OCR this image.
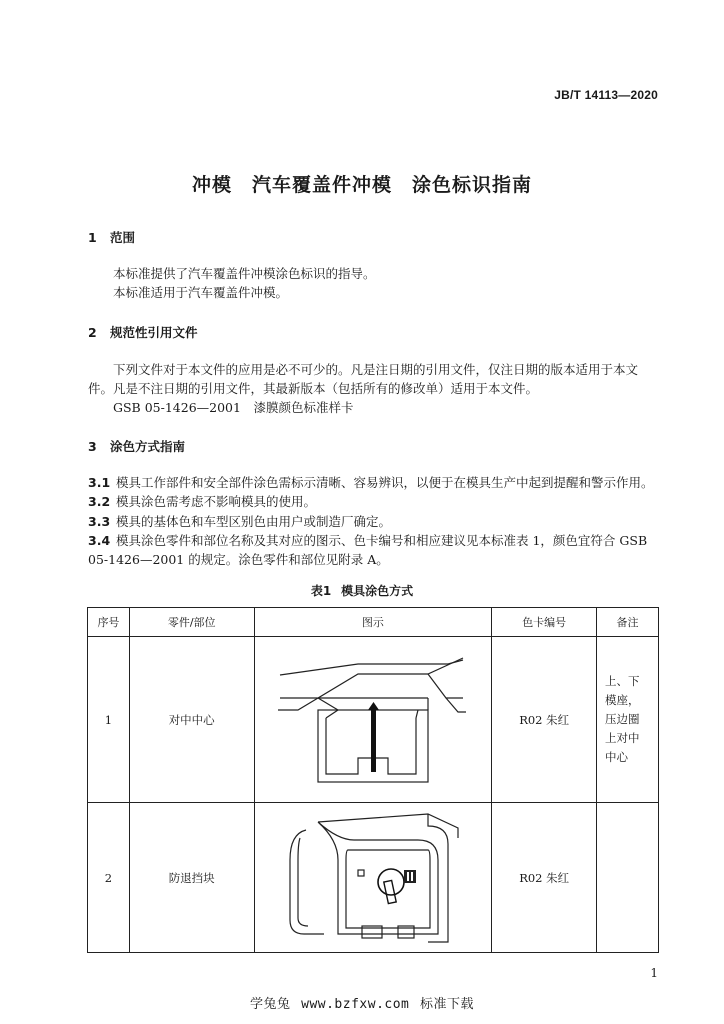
JB/T 14113—2020
冲模 汽车覆盖件冲模 涂色标识指南
1 范围
本标准提供了汽车覆盖件冲模涂色标识的指导。
本标准适用于汽车覆盖件冲模。
2 规范性引用文件
下列文件对于本文件的应用是必不可少的。凡是注日期的引用文件，仅注日期的版本适用于本文件。凡是不注日期的引用文件，其最新版本（包括所有的修改单）适用于本文件。
GSB 05-1426—2001　漆膜颜色标准样卡
3 涂色方式指南
3.1 模具工作部件和安全部件涂色需标示清晰、容易辨识，以便于在模具生产中起到提醒和警示作用。
3.2 模具涂色需考虑不影响模具的使用。
3.3 模具的基体色和车型区别色由用户或制造厂确定。
3.4 模具涂色零件和部位名称及其对应的图示、色卡编号和相应建议见本标准表 1，颜色宜符合 GSB 05-1426—2001 的规定。涂色零件和部位见附录 A。
表1 模具涂色方式
序号	零件/部位	图示	色卡编号	备注
1	对中中心		R02 朱红	上、下模座，压边圈上对中中心
2	防退挡块		R02 朱红	
1
学兔兔 www.bzfxw.com 标准下载
